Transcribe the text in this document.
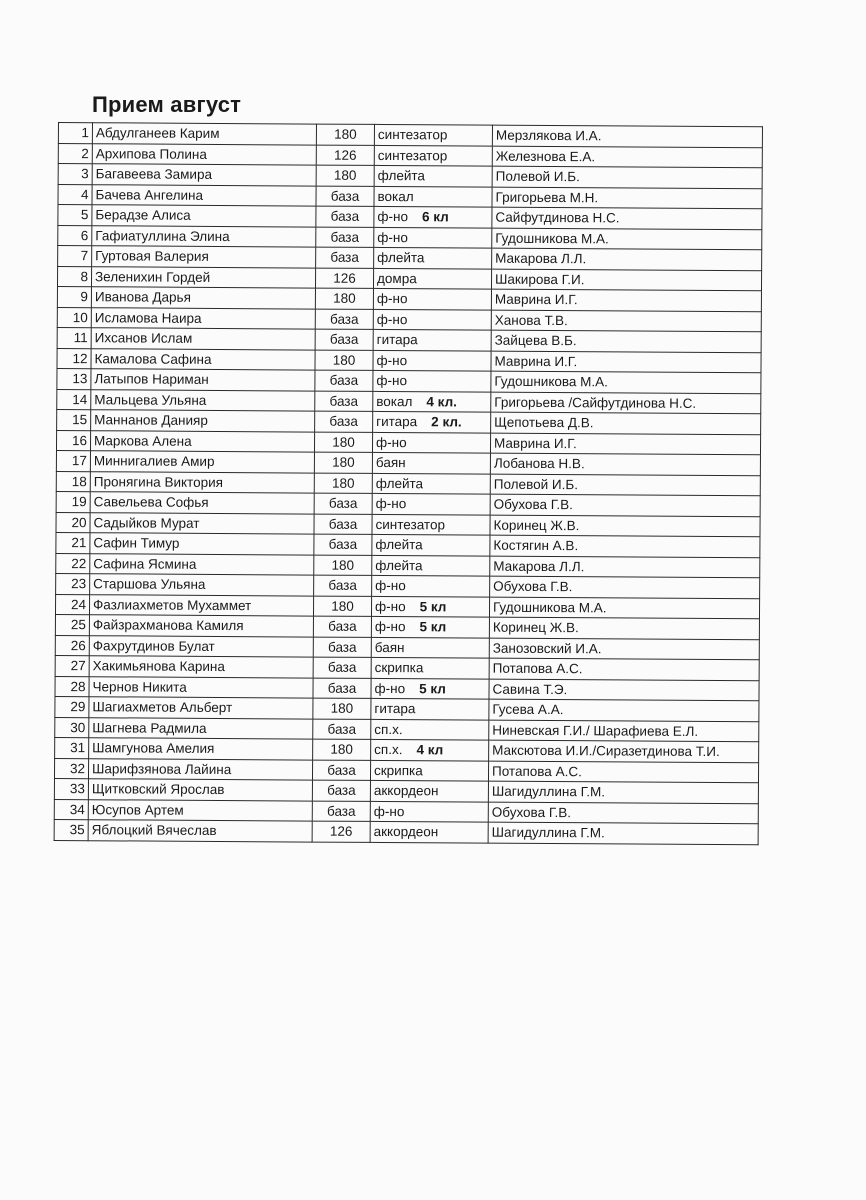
Прием август
1	Абдулганеев Карим	180	синтезатор	Мерзлякова И.А.
2	Архипова Полина	126	синтезатор	Железнова Е.А.
3	Багавеева Замира	180	флейта	Полевой И.Б.
4	Бачева Ангелина	база	вокал	Григорьева М.Н.
5	Берадзе Алиса	база	ф-но 6 кл	Сайфутдинова Н.С.
6	Гафиатуллина Элина	база	ф-но	Гудошникова М.А.
7	Гуртовая Валерия	база	флейта	Макарова Л.Л.
8	Зеленихин Гордей	126	домра	Шакирова Г.И.
9	Иванова Дарья	180	ф-но	Маврина И.Г.
10	Исламова Наира	база	ф-но	Ханова Т.В.
11	Ихсанов Ислам	база	гитара	Зайцева В.Б.
12	Камалова Сафина	180	ф-но	Маврина И.Г.
13	Латыпов Нариман	база	ф-но	Гудошникова М.А.
14	Мальцева Ульяна	база	вокал 4 кл.	Григорьева /Сайфутдинова Н.С.
15	Маннанов Данияр	база	гитара 2 кл.	Щепотьева Д.В.
16	Маркова Алена	180	ф-но	Маврина И.Г.
17	Миннигалиев Амир	180	баян	Лобанова Н.В.
18	Пронягина Виктория	180	флейта	Полевой И.Б.
19	Савельева Софья	база	ф-но	Обухова Г.В.
20	Садыйков Мурат	база	синтезатор	Коринец Ж.В.
21	Сафин Тимур	база	флейта	Костягин А.В.
22	Сафина Ясмина	180	флейта	Макарова Л.Л.
23	Старшова Ульяна	база	ф-но	Обухова Г.В.
24	Фазлиахметов Мухаммет	180	ф-но 5 кл	Гудошникова М.А.
25	Файзрахманова Камиля	база	ф-но 5 кл	Коринец Ж.В.
26	Фахрутдинов Булат	база	баян	Занозовский И.А.
27	Хакимьянова Карина	база	скрипка	Потапова А.С.
28	Чернов Никита	база	ф-но 5 кл	Савина Т.Э.
29	Шагиахметов Альберт	180	гитара	Гусева А.А.
30	Шагнева Радмила	база	сп.х.	Ниневская Г.И./ Шарафиева Е.Л.
31	Шамгунова Амелия	180	сп.х. 4 кл	Максютова И.И./Сиразетдинова Т.И.
32	Шарифзянова Лайина	база	скрипка	Потапова А.С.
33	Щитковский Ярослав	база	аккордеон	Шагидуллина Г.М.
34	Юсупов Артем	база	ф-но	Обухова Г.В.
35	Яблоцкий Вячеслав	126	аккордеон	Шагидуллина Г.М.
